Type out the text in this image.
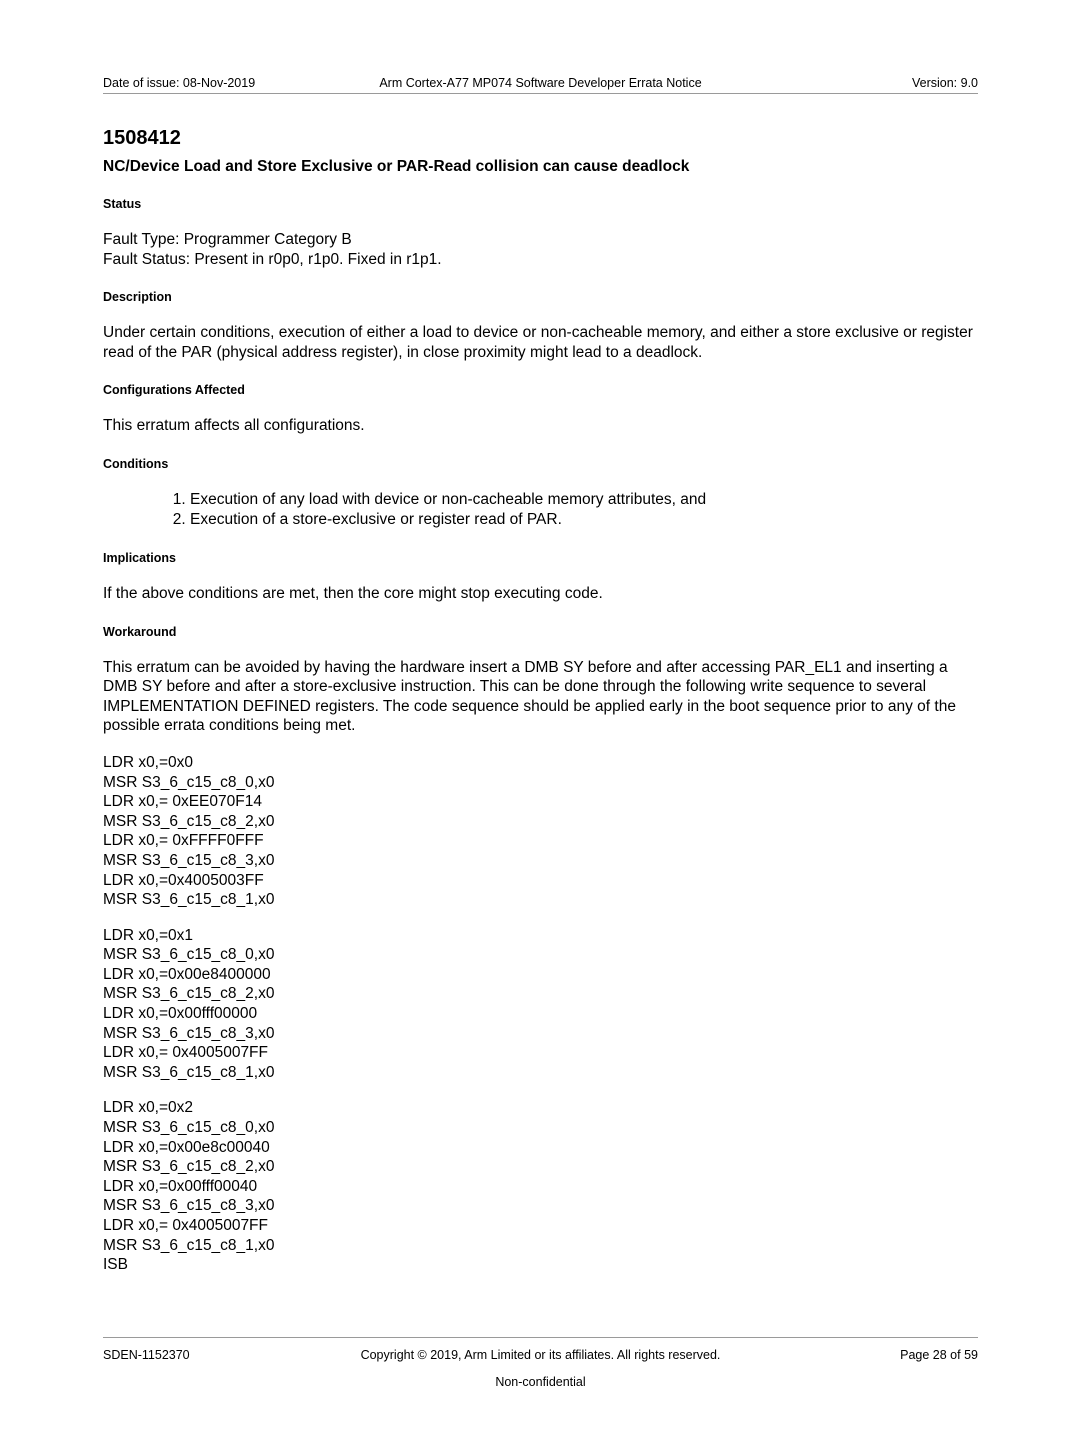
Date of issue: 08-Nov-2019	Arm Cortex-A77 MP074 Software Developer Errata Notice	Version: 9.0
1508412
NC/Device Load and Store Exclusive or PAR-Read collision can cause deadlock
Status

Fault Type: Programmer Category B
Fault Status: Present in r0p0, r1p0. Fixed in r1p1.

Description

Under certain conditions, execution of either a load to device or non-cacheable memory, and either a store exclusive or register read of the PAR (physical address register), in close proximity might lead to a deadlock.

Configurations Affected

This erratum affects all configurations.

Conditions
1. Execution of any load with device or non-cacheable memory attributes, and
2. Execution of a store-exclusive or register read of PAR.
Implications

If the above conditions are met, then the core might stop executing code.

Workaround

This erratum can be avoided by having the hardware insert a DMB SY before and after accessing PAR_EL1 and inserting a DMB SY before and after a store-exclusive instruction. This can be done through the following write sequence to several IMPLEMENTATION DEFINED registers. The code sequence should be applied early in the boot sequence prior to any of the possible errata conditions being met.

LDR x0,=0x0
MSR S3_6_c15_c8_0,x0
LDR x0,= 0xEE070F14
MSR S3_6_c15_c8_2,x0
LDR x0,= 0xFFFF0FFF
MSR S3_6_c15_c8_3,x0
LDR x0,=0x4005003FF
MSR S3_6_c15_c8_1,x0
LDR x0,=0x1
MSR S3_6_c15_c8_0,x0
LDR x0,=0x00e8400000
MSR S3_6_c15_c8_2,x0
LDR x0,=0x00fff00000
MSR S3_6_c15_c8_3,x0
LDR x0,= 0x4005007FF
MSR S3_6_c15_c8_1,x0
LDR x0,=0x2
MSR S3_6_c15_c8_0,x0
LDR x0,=0x00e8c00040
MSR S3_6_c15_c8_2,x0
LDR x0,=0x00fff00040
MSR S3_6_c15_c8_3,x0
LDR x0,= 0x4005007FF
MSR S3_6_c15_c8_1,x0
ISB
SDEN-1152370	Copyright © 2019, Arm Limited or its affiliates. All rights reserved.	Page 28 of 59
Non-confidential
